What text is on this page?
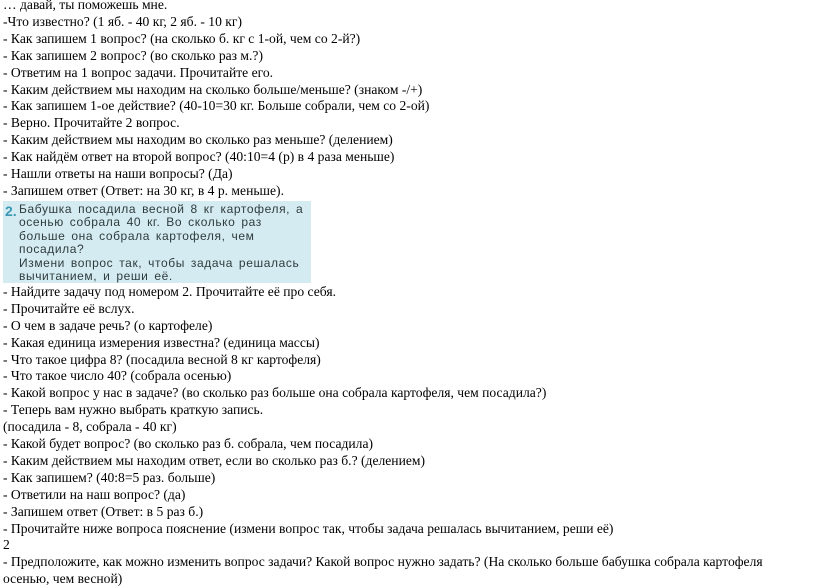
… давай, ты поможешь мне.
-Что известно? (1 яб. - 40 кг, 2 яб. - 10 кг)
- Как запишем 1 вопрос? (на сколько б. кг с 1-ой, чем со 2-й?)
- Как запишем 2 вопрос? (во сколько раз м.?)
- Ответим на 1 вопрос задачи. Прочитайте его.
- Каким действием мы находим на сколько больше/меньше? (знаком -/+)
- Как запишем 1-ое действие? (40-10=30 кг. Больше собрали, чем со 2-ой)
- Верно. Прочитайте 2 вопрос.
- Каким действием мы находим во сколько раз меньше? (делением)
- Как найдём ответ на второй вопрос? (40:10=4 (р) в 4 раза меньше)
- Нашли ответы на наши вопросы? (Да)
- Запишем ответ (Ответ: на 30 кг, в 4 р. меньше).
2. Бабушка посадила весной 8 кг картофеля, а осенью собрала 40 кг. Во сколько раз больше она собрала картофеля, чем посадила?
Измени вопрос так, чтобы задача решалась вычитанием, и реши её.
- Найдите задачу под номером 2. Прочитайте её про себя.
- Прочитайте её вслух.
- О чем в задаче речь? (о картофеле)
- Какая единица измерения известна? (единица массы)
- Что такое цифра 8? (посадила весной 8 кг картофеля)
- Что такое число 40? (собрала осенью)
- Какой вопрос у нас в задаче? (во сколько раз больше она собрала картофеля, чем посадила?)
- Теперь вам нужно выбрать краткую запись.
(посадила - 8, собрала - 40 кг)
- Какой будет вопрос? (во сколько раз б. собрала, чем посадила)
- Каким действием мы находим ответ, если во сколько раз б.? (делением)
- Как запишем? (40:8=5 раз. больше)
- Ответили на наш вопрос? (да)
- Запишем ответ (Ответ: в 5 раз б.)
- Прочитайте ниже вопроса пояснение (измени вопрос так, чтобы задача решалась вычитанием, реши её)
2
- Предположите, как можно изменить вопрос задачи? Какой вопрос нужно задать? (На сколько больше бабушка собрала картофеля осенью, чем весной)
